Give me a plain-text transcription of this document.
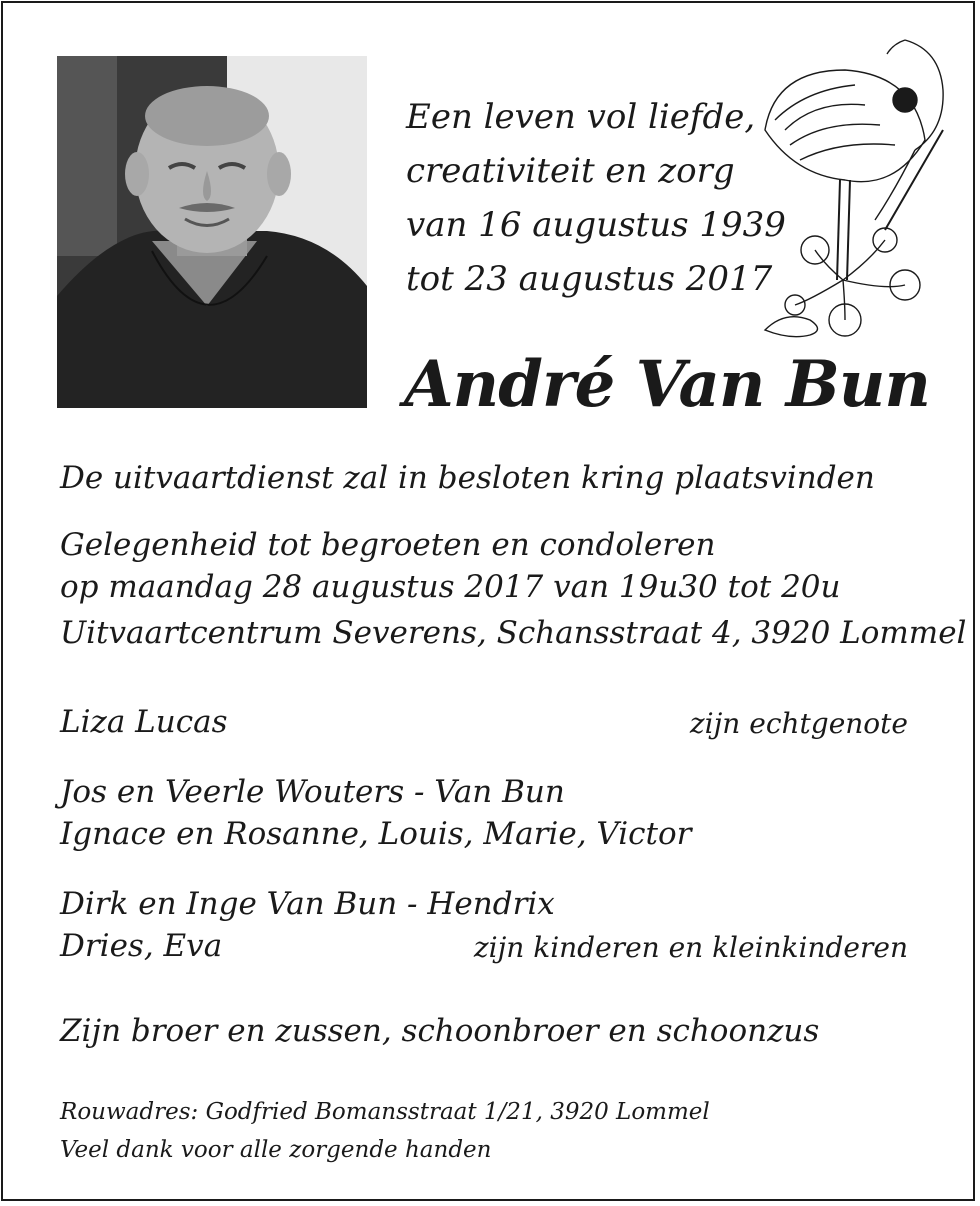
Een leven vol liefde,
creativiteit en zorg
van 16 augustus 1939
tot 23 augustus 2017
André Van Bun
De uitvaartdienst zal in besloten kring plaatsvinden
Gelegenheid tot begroeten en condoleren
op maandag 28 augustus 2017 van 19u30 tot 20u
Uitvaartcentrum Severens, Schansstraat 4, 3920 Lommel
Liza Lucas	zijn echtgenote
Jos en Veerle Wouters - Van Bun
Ignace en Rosanne, Louis, Marie, Victor
Dirk en Inge Van Bun - Hendrix
Dries, Eva	zijn kinderen en kleinkinderen
Zijn broer en zussen, schoonbroer en schoonzus
Rouwadres: Godfried Bomansstraat 1/21, 3920 Lommel
Veel dank voor alle zorgende handen
